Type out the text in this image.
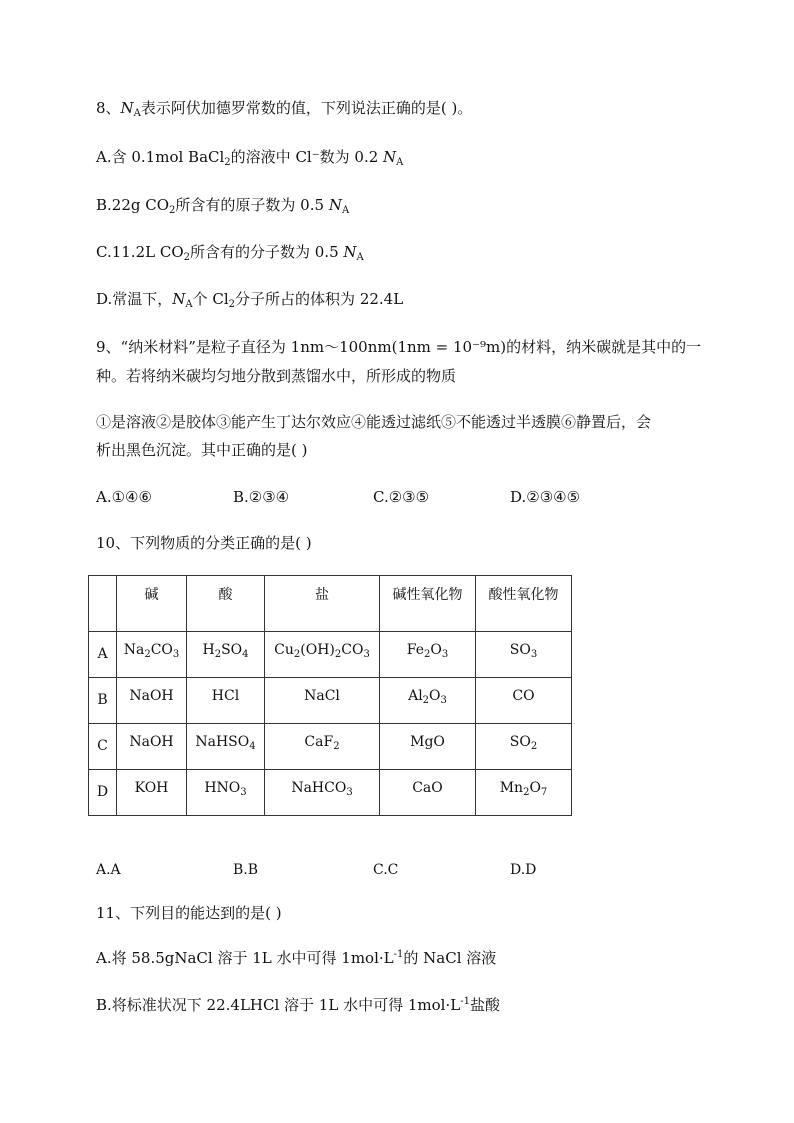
8、$N_A$表示阿伏加德罗常数的值，下列说法正确的是( )。
A.含 0.1mol BaCl$_2$的溶液中 Cl⁻数为 0.2 $N_A$
B.22g $CO_2$所含有的原子数为 0.5 $N_A$
C.11.2L $CO_2$所含有的分子数为 0.5 $N_A$
D.常温下，$N_A$个 $Cl_2$分子所占的体积为 22.4L
9、“纳米材料”是粒子直径为 1nm～100nm(1nm = 10⁻⁹m)的材料，纳米碳就是其中的一
种。若将纳米碳均匀地分散到蒸馏水中，所形成的物质
①是溶液②是胶体③能产生丁达尔效应④能透过滤纸⑤不能透过半透膜⑥静置后，会
析出黑色沉淀。其中正确的是( )
A.①④⑥	B.②③④	C.②③⑤	D.②③④⑤
10、下列物质的分类正确的是( )
	碱	酸	盐	碱性氧化物	酸性氧化物
A	$Na_2CO_3$	$H_2SO_4$	$Cu_2(OH)_2CO_3$	$Fe_2O_3$	$SO_3$
B	NaOH	HCl	NaCl	$Al_2O_3$	CO
C	NaOH	NaHSO$_4$	CaF$_2$	MgO	$SO_2$
D	KOH	$HNO_3$	NaHCO$_3$	CaO	$Mn_2O_7$
A.A	B.B	C.C	D.D
11、下列目的能达到的是( )
A.将 58.5gNaCl 溶于 1L 水中可得 $1mol\cdot L^{-1}$的 NaCl 溶液
B.将标准状况下 22.4LHCl 溶于 1L 水中可得 $1mol\cdot L^{-1}$盐酸
